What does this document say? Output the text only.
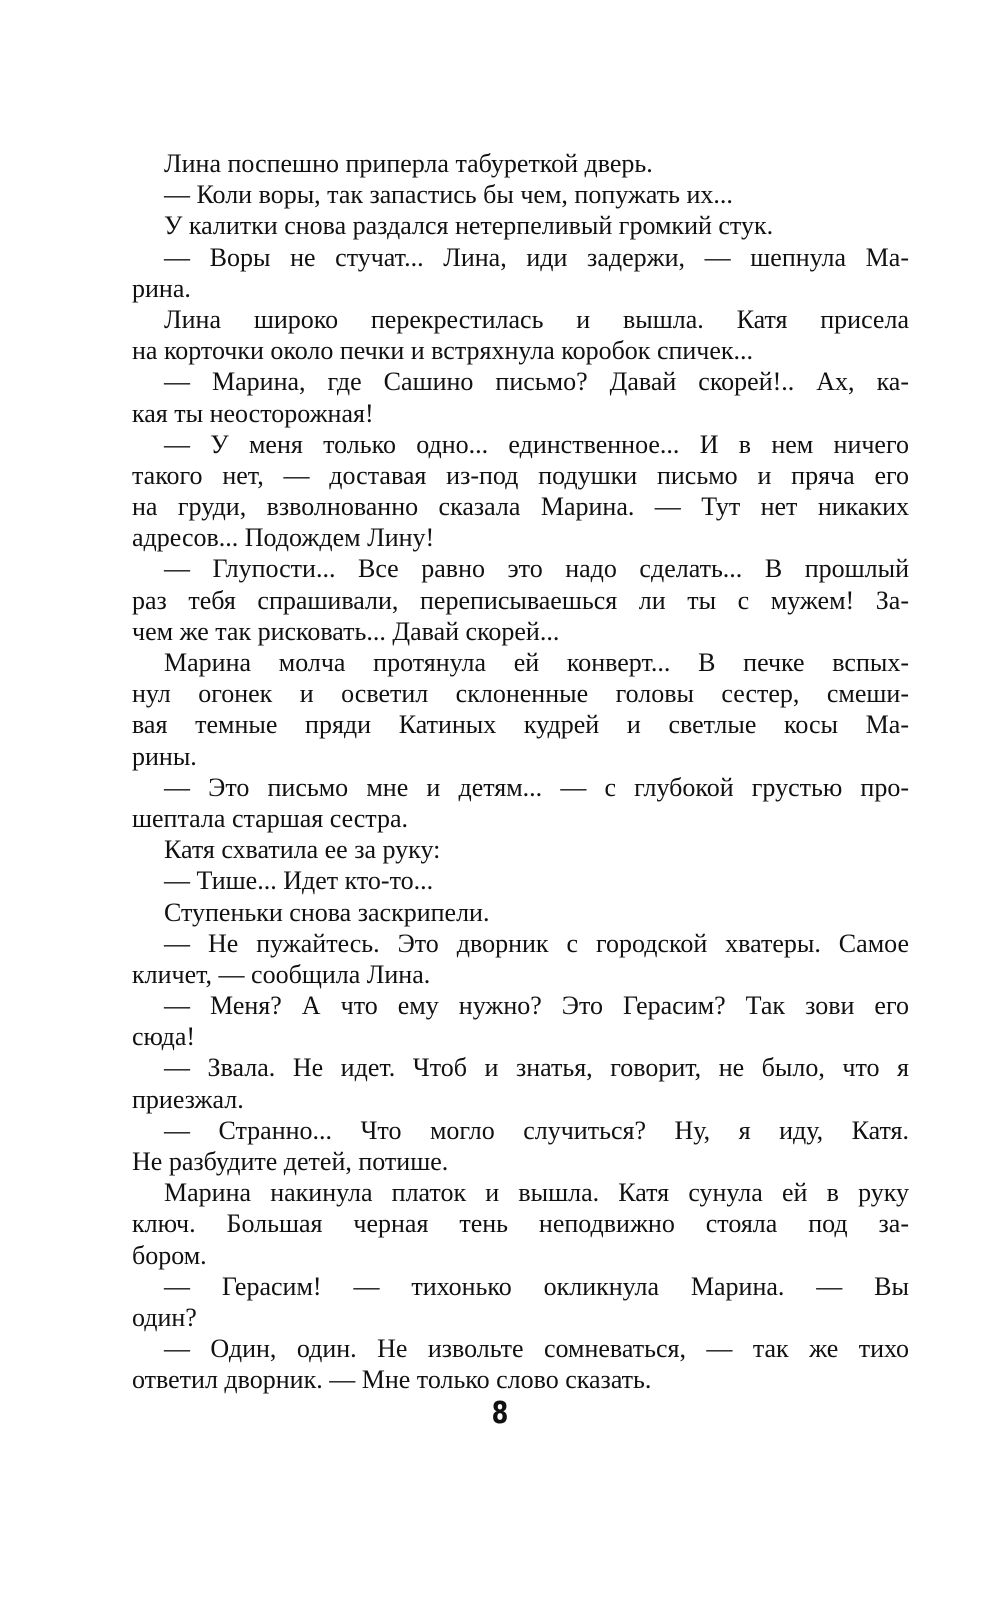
Лина поспешно приперла табуреткой дверь.
— Коли воры, так запастись бы чем, попужать их...
У калитки снова раздался нетерпеливый громкий стук.
— Воры не стучат... Лина, иди задержи, — шепнула Ма-
рина.
Лина широко перекрестилась и вышла. Катя присела
на корточки около печки и встряхнула коробок спичек...
— Марина, где Сашино письмо? Давай скорей!.. Ах, ка-
кая ты неосторожная!
— У меня только одно... единственное... И в нем ничего
такого нет, — доставая из-под подушки письмо и пряча его
на груди, взволнованно сказала Марина. — Тут нет никаких
адресов... Подождем Лину!
— Глупости... Все равно это надо сделать... В прошлый
раз тебя спрашивали, переписываешься ли ты с мужем! За-
чем же так рисковать... Давай скорей...
Марина молча протянула ей конверт... В печке вспых-
нул огонек и осветил склоненные головы сестер, смеши-
вая темные пряди Катиных кудрей и светлые косы Ма-
рины.
— Это письмо мне и детям... — с глубокой грустью про-
шептала старшая сестра.
Катя схватила ее за руку:
— Тише... Идет кто-то...
Ступеньки снова заскрипели.
— Не пужайтесь. Это дворник с городской хватеры. Самое
кличет, — сообщила Лина.
— Меня? А что ему нужно? Это Герасим? Так зови его
сюда!
— Звала. Не идет. Чтоб и знатья, говорит, не было, что я
приезжал.
— Странно... Что могло случиться? Ну, я иду, Катя.
Не разбудите детей, потише.
Марина накинула платок и вышла. Катя сунула ей в руку
ключ. Большая черная тень неподвижно стояла под за-
бором.
— Герасим! — тихонько окликнула Марина. — Вы
один?
— Один, один. Не извольте сомневаться, — так же тихо
ответил дворник. — Мне только слово сказать.
8
